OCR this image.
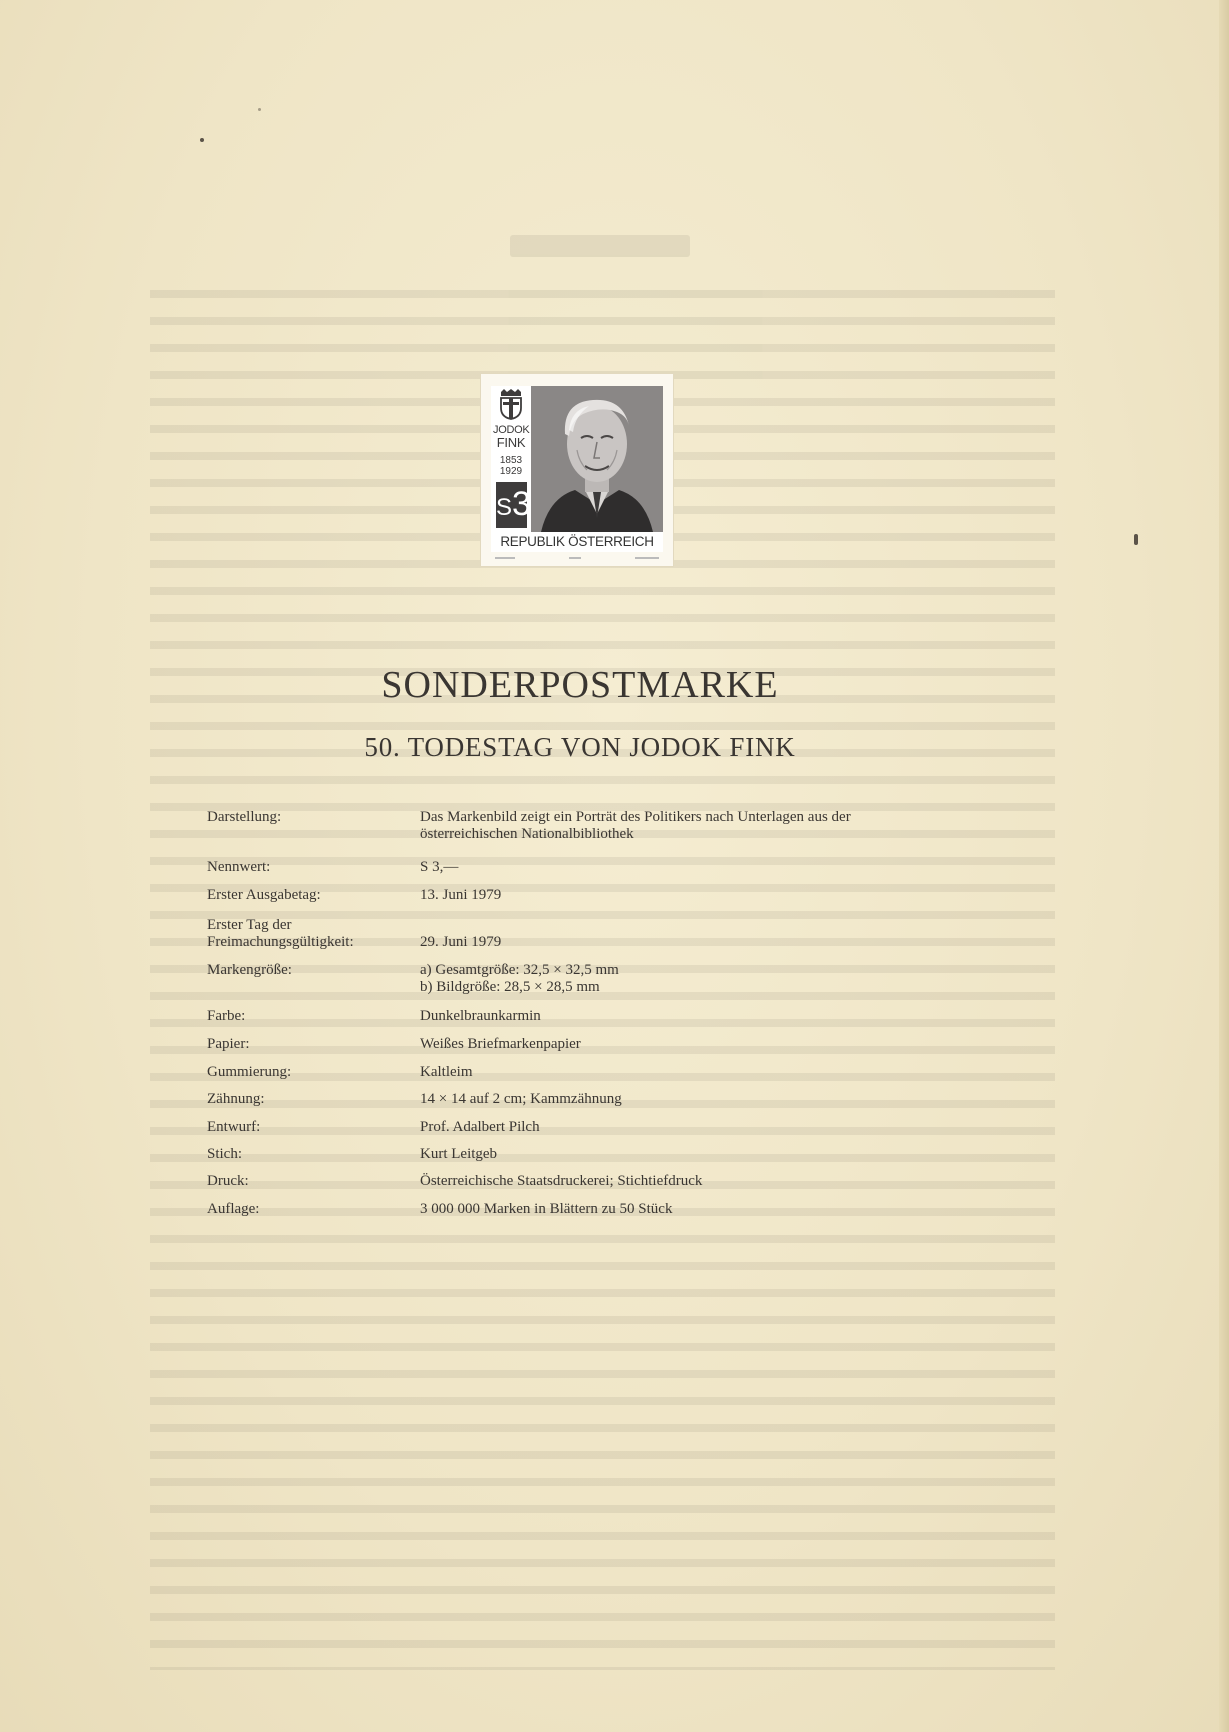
JODOK
FINK
1853
1929
S3
REPUBLIK ÖSTERREICH
SONDERPOSTMARKE
50. TODESTAG VON JODOK FINK
Darstellung:	Das Markenbild zeigt ein Porträt des Politikers nach Unterlagen aus der
österreichischen Nationalbibliothek
Nennwert:	S 3,—
Erster Ausgabetag:	13. Juni 1979
Erster Tag der
Freimachungsgültigkeit:	29. Juni 1979
Markengröße:	a) Gesamtgröße: 32,5 × 32,5 mm
b) Bildgröße: 28,5 × 28,5 mm
Farbe:	Dunkelbraunkarmin
Papier:	Weißes Briefmarkenpapier
Gummierung:	Kaltleim
Zähnung:	14 × 14 auf 2 cm; Kammzähnung
Entwurf:	Prof. Adalbert Pilch
Stich:	Kurt Leitgeb
Druck:	Österreichische Staatsdruckerei; Stichtiefdruck
Auflage:	3 000 000 Marken in Blättern zu 50 Stück
